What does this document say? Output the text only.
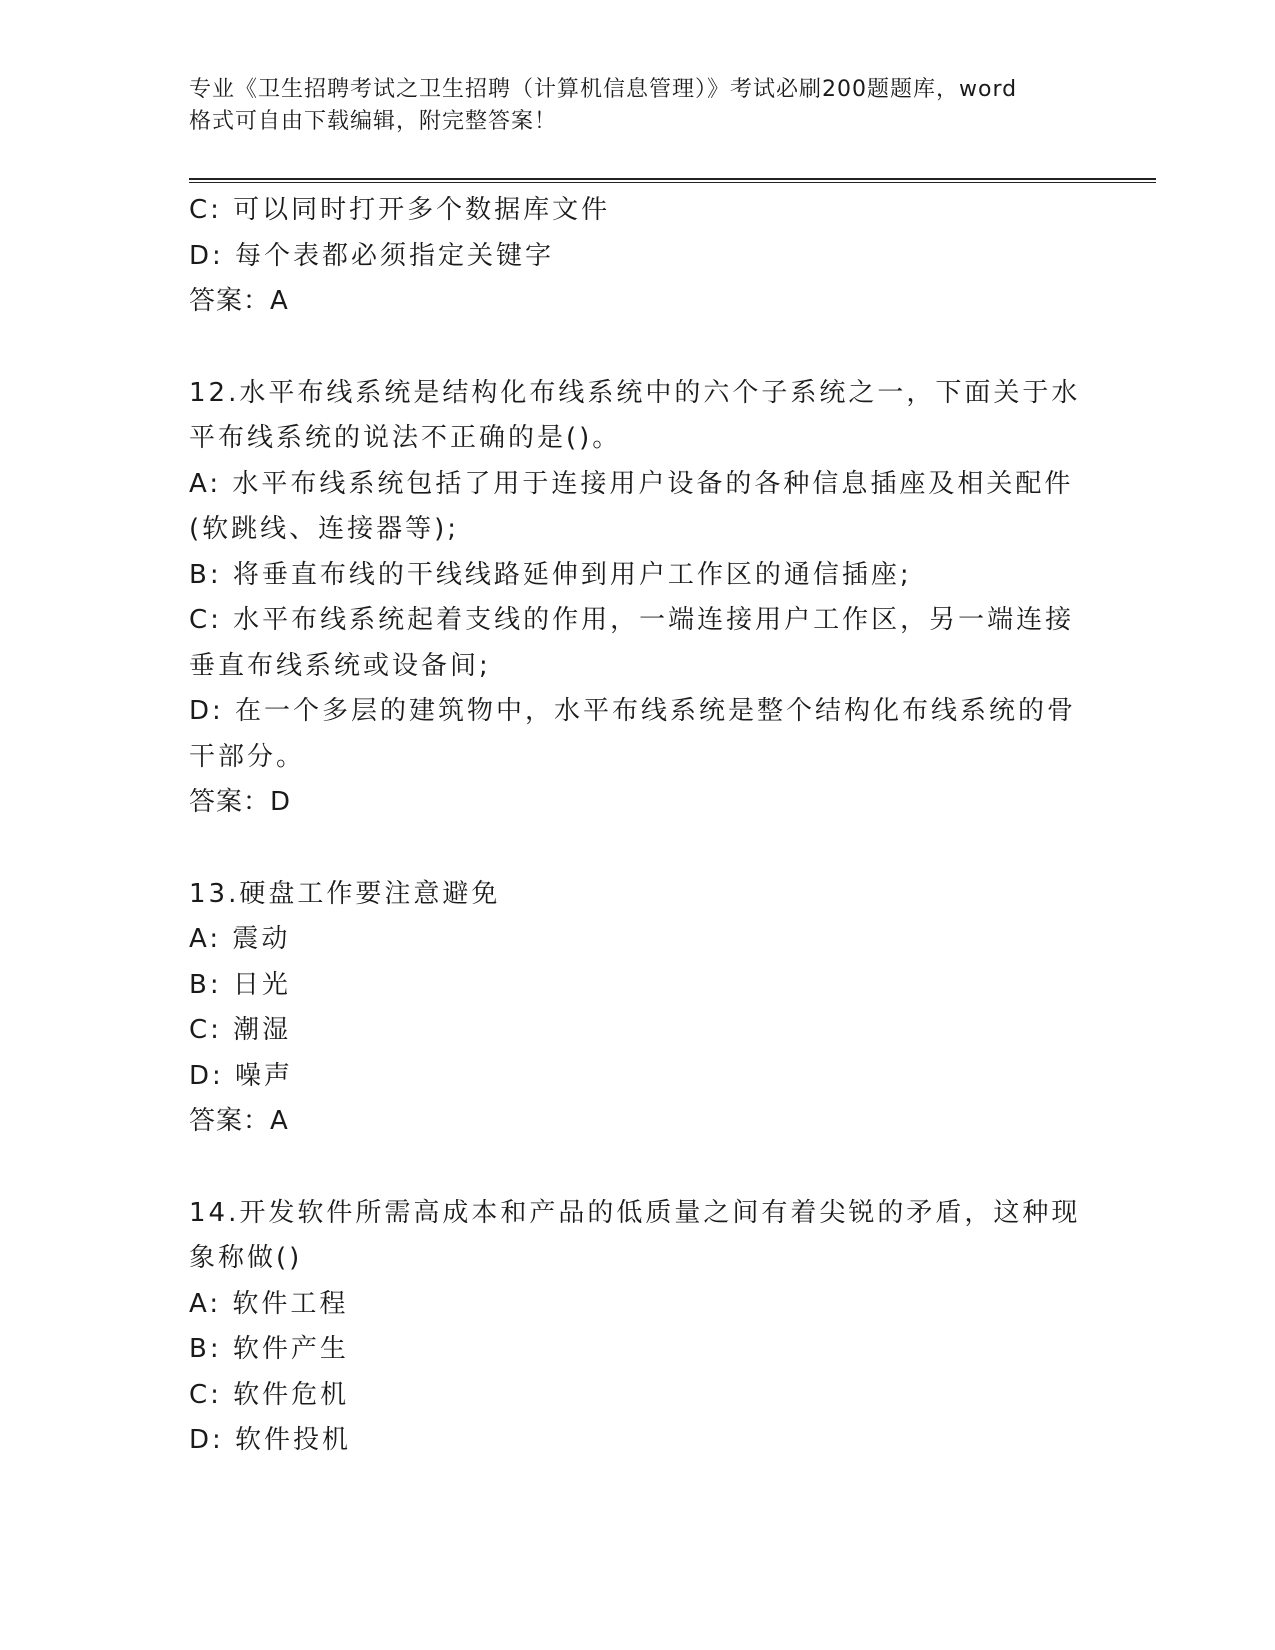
专业《卫生招聘考试之卫生招聘（计算机信息管理）》考试必刷200题题库，word
格式可自由下载编辑，附完整答案！
C: 可以同时打开多个数据库文件
D: 每个表都必须指定关键字
答案：A
12.水平布线系统是结构化布线系统中的六个子系统之一，下面关于水
平布线系统的说法不正确的是()。
A: 水平布线系统包括了用于连接用户设备的各种信息插座及相关配件
(软跳线、连接器等);
B: 将垂直布线的干线线路延伸到用户工作区的通信插座;
C: 水平布线系统起着支线的作用，一端连接用户工作区，另一端连接
垂直布线系统或设备间;
D: 在一个多层的建筑物中，水平布线系统是整个结构化布线系统的骨
干部分。
答案：D
13.硬盘工作要注意避免
A: 震动
B: 日光
C: 潮湿
D: 噪声
答案：A
14.开发软件所需高成本和产品的低质量之间有着尖锐的矛盾，这种现
象称做()
A: 软件工程
B: 软件产生
C: 软件危机
D: 软件投机
